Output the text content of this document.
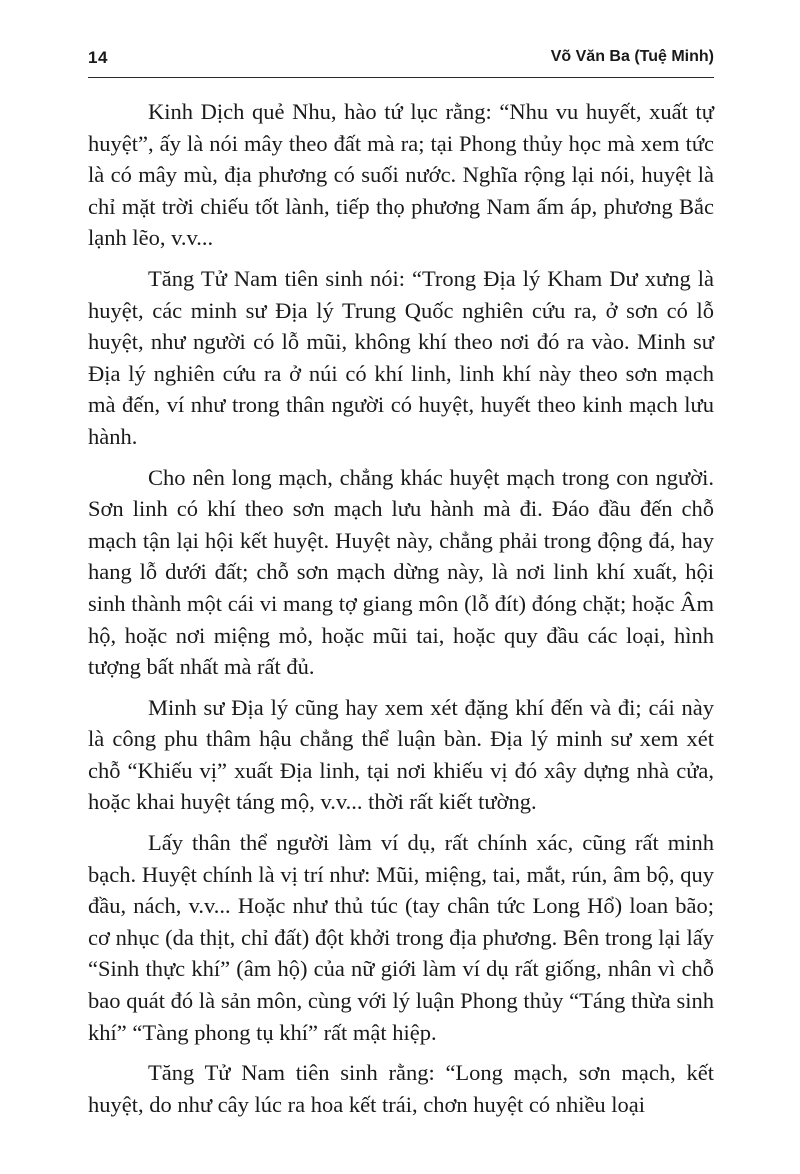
14	Võ Văn Ba (Tuệ Minh)

Kinh Dịch quẻ Nhu, hào tứ lục rằng: “Nhu vu huyết, xuất tự huyệt”, ấy là nói mây theo đất mà ra; tại Phong thủy học mà xem tức là có mây mù, địa phương có suối nước. Nghĩa rộng lại nói, huyệt là chỉ mặt trời chiếu tốt lành, tiếp thọ phương Nam ấm áp, phương Bắc lạnh lẽo, v.v...

Tăng Tử Nam tiên sinh nói: “Trong Địa lý Kham Dư xưng là huyệt, các minh sư Địa lý Trung Quốc nghiên cứu ra, ở sơn có lỗ huyệt, như người có lỗ mũi, không khí theo nơi đó ra vào. Minh sư Địa lý nghiên cứu ra ở núi có khí linh, linh khí này theo sơn mạch mà đến, ví như trong thân người có huyệt, huyết theo kinh mạch lưu hành.

Cho nên long mạch, chẳng khác huyệt mạch trong con người. Sơn linh có khí theo sơn mạch lưu hành mà đi. Đáo đầu đến chỗ mạch tận lại hội kết huyệt. Huyệt này, chẳng phải trong động đá, hay hang lỗ dưới đất; chỗ sơn mạch dừng này, là nơi linh khí xuất, hội sinh thành một cái vi mang tợ giang môn (lỗ đít) đóng chặt; hoặc Âm hộ, hoặc nơi miệng mỏ, hoặc mũi tai, hoặc quy đầu các loại, hình tượng bất nhất mà rất đủ.

Minh sư Địa lý cũng hay xem xét đặng khí đến và đi; cái này là công phu thâm hậu chẳng thể luận bàn. Địa lý minh sư xem xét chỗ “Khiếu vị” xuất Địa linh, tại nơi khiếu vị đó xây dựng nhà cửa, hoặc khai huyệt táng mộ, v.v... thời rất kiết tường.

Lấy thân thể người làm ví dụ, rất chính xác, cũng rất minh bạch. Huyệt chính là vị trí như: Mũi, miệng, tai, mắt, rún, âm bộ, quy đầu, nách, v.v... Hoặc như thủ túc (tay chân tức Long Hổ) loan bão; cơ nhục (da thịt, chỉ đất) đột khởi trong địa phương. Bên trong lại lấy “Sinh thực khí” (âm hộ) của nữ giới làm ví dụ rất giống, nhân vì chỗ bao quát đó là sản môn, cùng với lý luận Phong thủy “Táng thừa sinh khí” “Tàng phong tụ khí” rất mật hiệp.

Tăng Tử Nam tiên sinh rằng: “Long mạch, sơn mạch, kết huyệt, do như cây lúc ra hoa kết trái, chơn huyệt có nhiều loại
